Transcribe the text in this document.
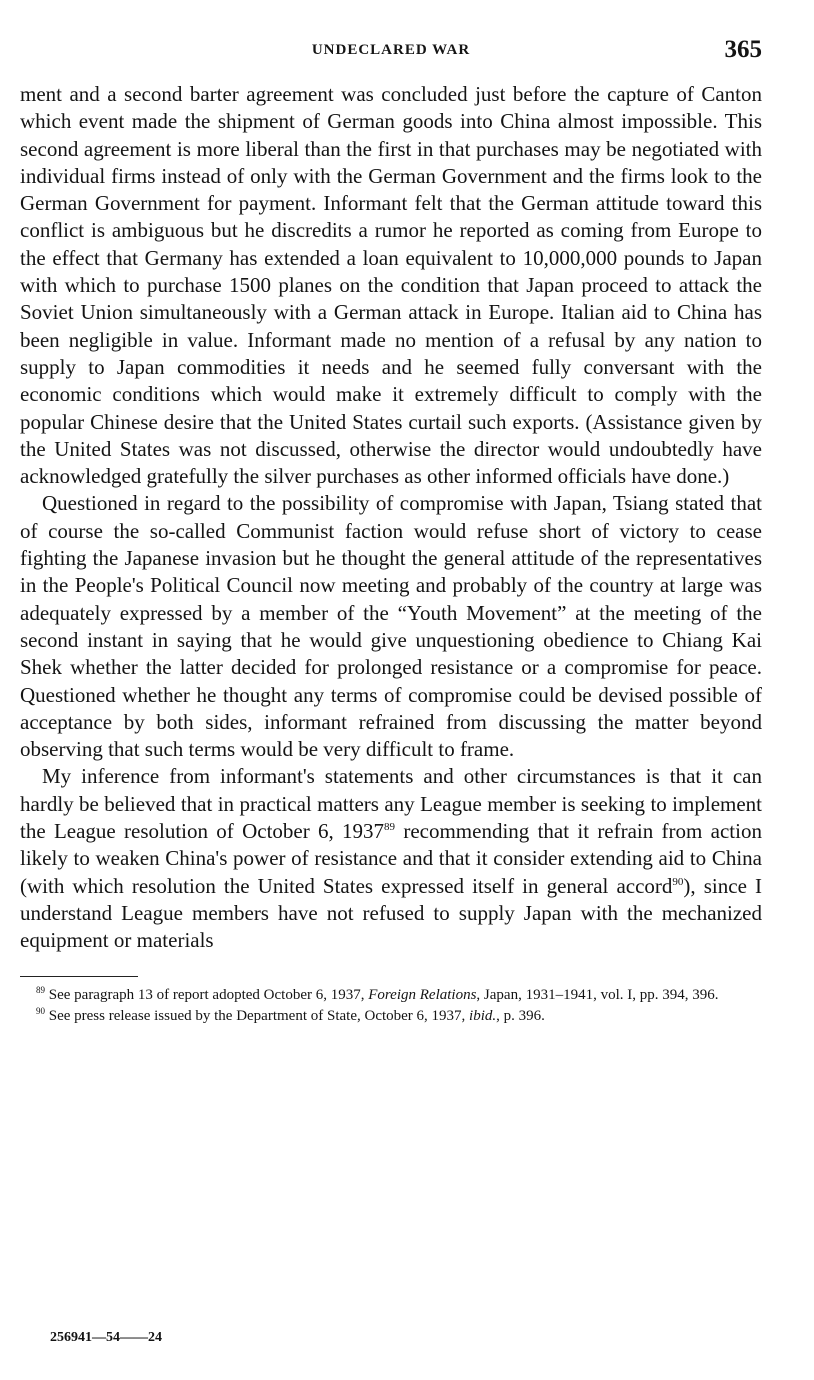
UNDECLARED WAR	365

ment and a second barter agreement was concluded just before the capture of Canton which event made the shipment of German goods into China almost impossible. This second agreement is more liberal than the first in that purchases may be negotiated with individual firms instead of only with the German Government and the firms look to the German Government for payment. Informant felt that the German attitude toward this conflict is ambiguous but he discredits a rumor he reported as coming from Europe to the effect that Germany has extended a loan equivalent to 10,000,000 pounds to Japan with which to purchase 1500 planes on the condition that Japan proceed to attack the Soviet Union simultaneously with a German attack in Europe. Italian aid to China has been negligible in value. Informant made no mention of a refusal by any nation to supply to Japan commodities it needs and he seemed fully conversant with the economic conditions which would make it extremely difficult to comply with the popular Chinese desire that the United States curtail such exports. (Assistance given by the United States was not discussed, otherwise the director would undoubtedly have acknowledged gratefully the silver purchases as other informed officials have done.)

Questioned in regard to the possibility of compromise with Japan, Tsiang stated that of course the so-called Communist faction would refuse short of victory to cease fighting the Japanese invasion but he thought the general attitude of the representatives in the People's Political Council now meeting and probably of the country at large was adequately expressed by a member of the “Youth Movement” at the meeting of the second instant in saying that he would give unquestioning obedience to Chiang Kai Shek whether the latter decided for prolonged resistance or a compromise for peace. Questioned whether he thought any terms of compromise could be devised possible of acceptance by both sides, informant refrained from discussing the matter beyond observing that such terms would be very difficult to frame.

My inference from informant's statements and other circumstances is that it can hardly be believed that in practical matters any League member is seeking to implement the League resolution of October 6, 1937$^{89}$ recommending that it refrain from action likely to weaken China's power of resistance and that it consider extending aid to China (with which resolution the United States expressed itself in general accord$^{90}$), since I understand League members have not refused to supply Japan with the mechanized equipment or materials

$^{89}$ See paragraph 13 of report adopted October 6, 1937, Foreign Relations, Japan, 1931–1941, vol. I, pp. 394, 396.

$^{90}$ See press release issued by the Department of State, October 6, 1937, ibid., p. 396.

256941—54——24
